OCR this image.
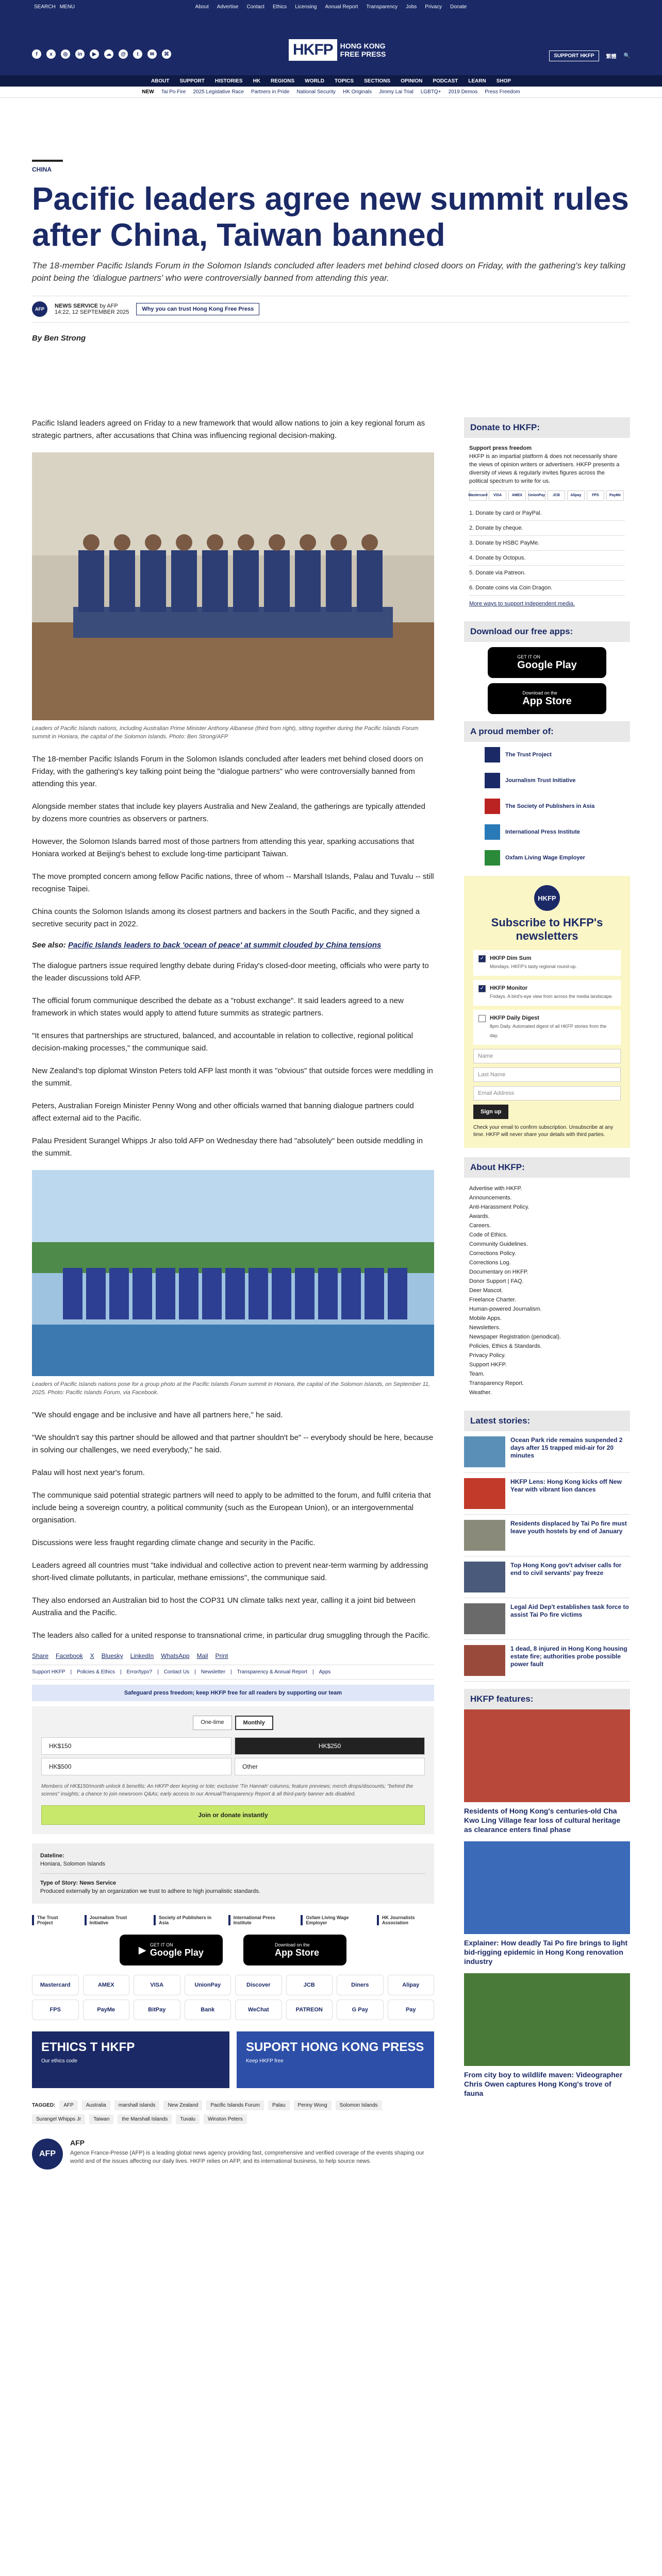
SEARCH MENU	About Advertise Contact Ethics Licensing Annual Report Transparency Jobs Privacy Donate
f	x	◎	in	▶	☁	@	t	✉	⌘	HKFP	HONG KONG
FREE PRESS	SUPPORT HKFP	繁體 🔍
ABOUT SUPPORT HISTORIES HK REGIONS WORLD TOPICS SECTIONS OPINION PODCAST LEARN SHOP
NEW Tai Po Fire 2025 Legislative Race Partners in Pride National Security HK Originals Jimmy Lai Trial LGBTQ+ 2019 Demos Press Freedom
CHINA
Pacific leaders agree new summit rules after China, Taiwan banned
The 18-member Pacific Islands Forum in the Solomon Islands concluded after leaders met behind closed doors on Friday, with the gathering's key talking point being the 'dialogue partners' who were controversially banned from attending this year.
AFP	NEWS SERVICE by AFP
14:22, 12 SEPTEMBER 2025	Why you can trust Hong Kong Free Press
By Ben Strong

Pacific Island leaders agreed on Friday to a new framework that would allow nations to join a key regional forum as strategic partners, after accusations that China was influencing regional decision-making.

Leaders of Pacific Islands nations, including Australian Prime Minister Anthony Albanese (third from right), sitting together during the Pacific Islands Forum summit in Honiara, the capital of the Solomon Islands. Photo: Ben Strong/AFP

The 18-member Pacific Islands Forum in the Solomon Islands concluded after leaders met behind closed doors on Friday, with the gathering's key talking point being the "dialogue partners" who were controversially banned from attending this year.

Alongside member states that include key players Australia and New Zealand, the gatherings are typically attended by dozens more countries as observers or partners.

However, the Solomon Islands barred most of those partners from attending this year, sparking accusations that Honiara worked at Beijing's behest to exclude long-time participant Taiwan.

The move prompted concern among fellow Pacific nations, three of whom -- Marshall Islands, Palau and Tuvalu -- still recognise Taipei.

China counts the Solomon Islands among its closest partners and backers in the South Pacific, and they signed a secretive security pact in 2022.

See also: Pacific Islands leaders to back 'ocean of peace' at summit clouded by China tensions

The dialogue partners issue required lengthy debate during Friday's closed-door meeting, officials who were party to the leader discussions told AFP.

The official forum communique described the debate as a "robust exchange". It said leaders agreed to a new framework in which states would apply to attend future summits as strategic partners.

"It ensures that partnerships are structured, balanced, and accountable in relation to collective, regional political decision-making processes," the communique said.

New Zealand's top diplomat Winston Peters told AFP last month it was "obvious" that outside forces were meddling in the summit.

Peters, Australian Foreign Minister Penny Wong and other officials warned that banning dialogue partners could affect external aid to the Pacific.

Palau President Surangel Whipps Jr also told AFP on Wednesday there had "absolutely" been outside meddling in the summit.

Leaders of Pacific Islands nations pose for a group photo at the Pacific Islands Forum summit in Honiara, the capital of the Solomon Islands, on September 11, 2025. Photo: Pacific Islands Forum, via Facebook.

"We should engage and be inclusive and have all partners here," he said.

"We shouldn't say this partner should be allowed and that partner shouldn't be" -- everybody should be here, because in solving our challenges, we need everybody," he said.

Palau will host next year's forum.

The communique said potential strategic partners will need to apply to be admitted to the forum, and fulfil criteria that include being a sovereign country, a political community (such as the European Union), or an intergovernmental organisation.

Discussions were less fraught regarding climate change and security in the Pacific.

Leaders agreed all countries must "take individual and collective action to prevent near-term warming by addressing short-lived climate pollutants, in particular, methane emissions", the communique said.

They also endorsed an Australian bid to host the COP31 UN climate talks next year, calling it a joint bid between Australia and the Pacific.

The leaders also called for a united response to transnational crime, in particular drug smuggling through the Pacific.

Share Facebook X Bluesky LinkedIn WhatsApp Mail Print
Support HKFP | Policies & Ethics | Error/typo? | Contact Us | Newsletter | Transparency & Annual Report | Apps
Safeguard press freedom; keep HKFP free for all readers by supporting our team
One-time	Monthly
HK$150	HK$250
HK$500	Other
Members of HK$150/month unlock 6 benefits: An HKFP deer keyring or tote; exclusive 'Tin Hannah' columns; feature previews; merch drops/discounts; "behind the scenes" insights; a chance to join newsroom Q&As; early access to our Annual/Transparency Report & all third-party banner ads disabled.
Join or donate instantly
Dateline:
Honiara, Solomon Islands
Type of Story: News Service
Produced externally by an organization we trust to adhere to high journalistic standards.
The Trust Project
Journalism Trust Initiative
Society of Publishers in Asia
International Press Institute
Oxfam Living Wage Employer
HK Journalists Association
▶ GET IT ON
Google Play
Download on the
App Store
Mastercard	AMEX	VISA	UnionPay	Discover	JCB	Diners	Alipay
FPS	PayMe	BitPay	Bank	WeChat	PATREON	G Pay	Pay
ETHICS T HKFP
Our ethics code
SUPORT HONG KONG PRESS
Keep HKFP free
TAGGED:	AFP	Australia	marshall islands	New Zealand	Pacific Islands Forum	Palau	Penny Wong	Solomon Islands
Surangel Whipps Jr	Taiwan	the Marshall Islands	Tuvalu	Winston Peters
AFP
AFP
Agence France-Presse (AFP) is a leading global news agency providing fast, comprehensive and verified coverage of the events shaping our world and of the issues affecting our daily lives. HKFP relies on AFP, and its international business, to help source news.
Donate to HKFP:
Support press freedom
HKFP is an impartial platform & does not necessarily share the views of opinion writers or advertisers. HKFP presents a diversity of views & regularly invites figures across the political spectrum to write for us.
Mastercard	VISA	AMEX	UnionPay	JCB	Alipay	FPS	PayMe
1. Donate by card or PayPal.
2. Donate by cheque.
3. Donate by HSBC PayMe.
4. Donate by Octopus.
5. Donate via Patreon.
6. Donate coins via Coin Dragon.
More ways to support independent media.
Download our free apps:
GET IT ON
Google Play
Download on the
App Store
A proud member of:
The Trust Project
Journalism Trust Initiative
The Society of Publishers in Asia
International Press Institute
Oxfam Living Wage Employer
HKFP
Subscribe to HKFP's newsletters
✓ HKFP Dim Sum
Mondays. HKFP's tasty regional round-up.
✓ HKFP Monitor
Fridays. A bird's-eye view from across the media landscape.
HKFP Daily Digest
8pm Daily. Automated digest of all HKFP stories from the day.
Name
Last Name
Email Address
Sign up
Check your email to confirm subscription. Unsubscribe at any time. HKFP will never share your details with third parties.
About HKFP:
Advertise with HKFP.
Announcements.
Anti-Harassment Policy.
Awards.
Careers.
Code of Ethics.
Community Guidelines.
Corrections Policy.
Corrections Log.
Documentary on HKFP.
Donor Support | FAQ.
Deer Mascot.
Freelance Charter.
Human-powered Journalism.
Mobile Apps.
Newsletters.
Newspaper Registration (periodical).
Policies, Ethics & Standards.
Privacy Policy.
Support HKFP.
Team.
Transparency Report.
Weather.
Latest stories:
Ocean Park ride remains suspended 2 days after 15 trapped mid-air for 20 minutes
HKFP Lens: Hong Kong kicks off New Year with vibrant lion dances
Residents displaced by Tai Po fire must leave youth hostels by end of January
Top Hong Kong gov't adviser calls for end to civil servants' pay freeze
Legal Aid Dep't establishes task force to assist Tai Po fire victims
1 dead, 8 injured in Hong Kong housing estate fire; authorities probe possible power fault
HKFP features:
Residents of Hong Kong's centuries-old Cha Kwo Ling Village fear loss of cultural heritage as clearance enters final phase
Explainer: How deadly Tai Po fire brings to light bid-rigging epidemic in Hong Kong renovation industry
From city boy to wildlife maven: Videographer Chris Owen captures Hong Kong's trove of fauna
